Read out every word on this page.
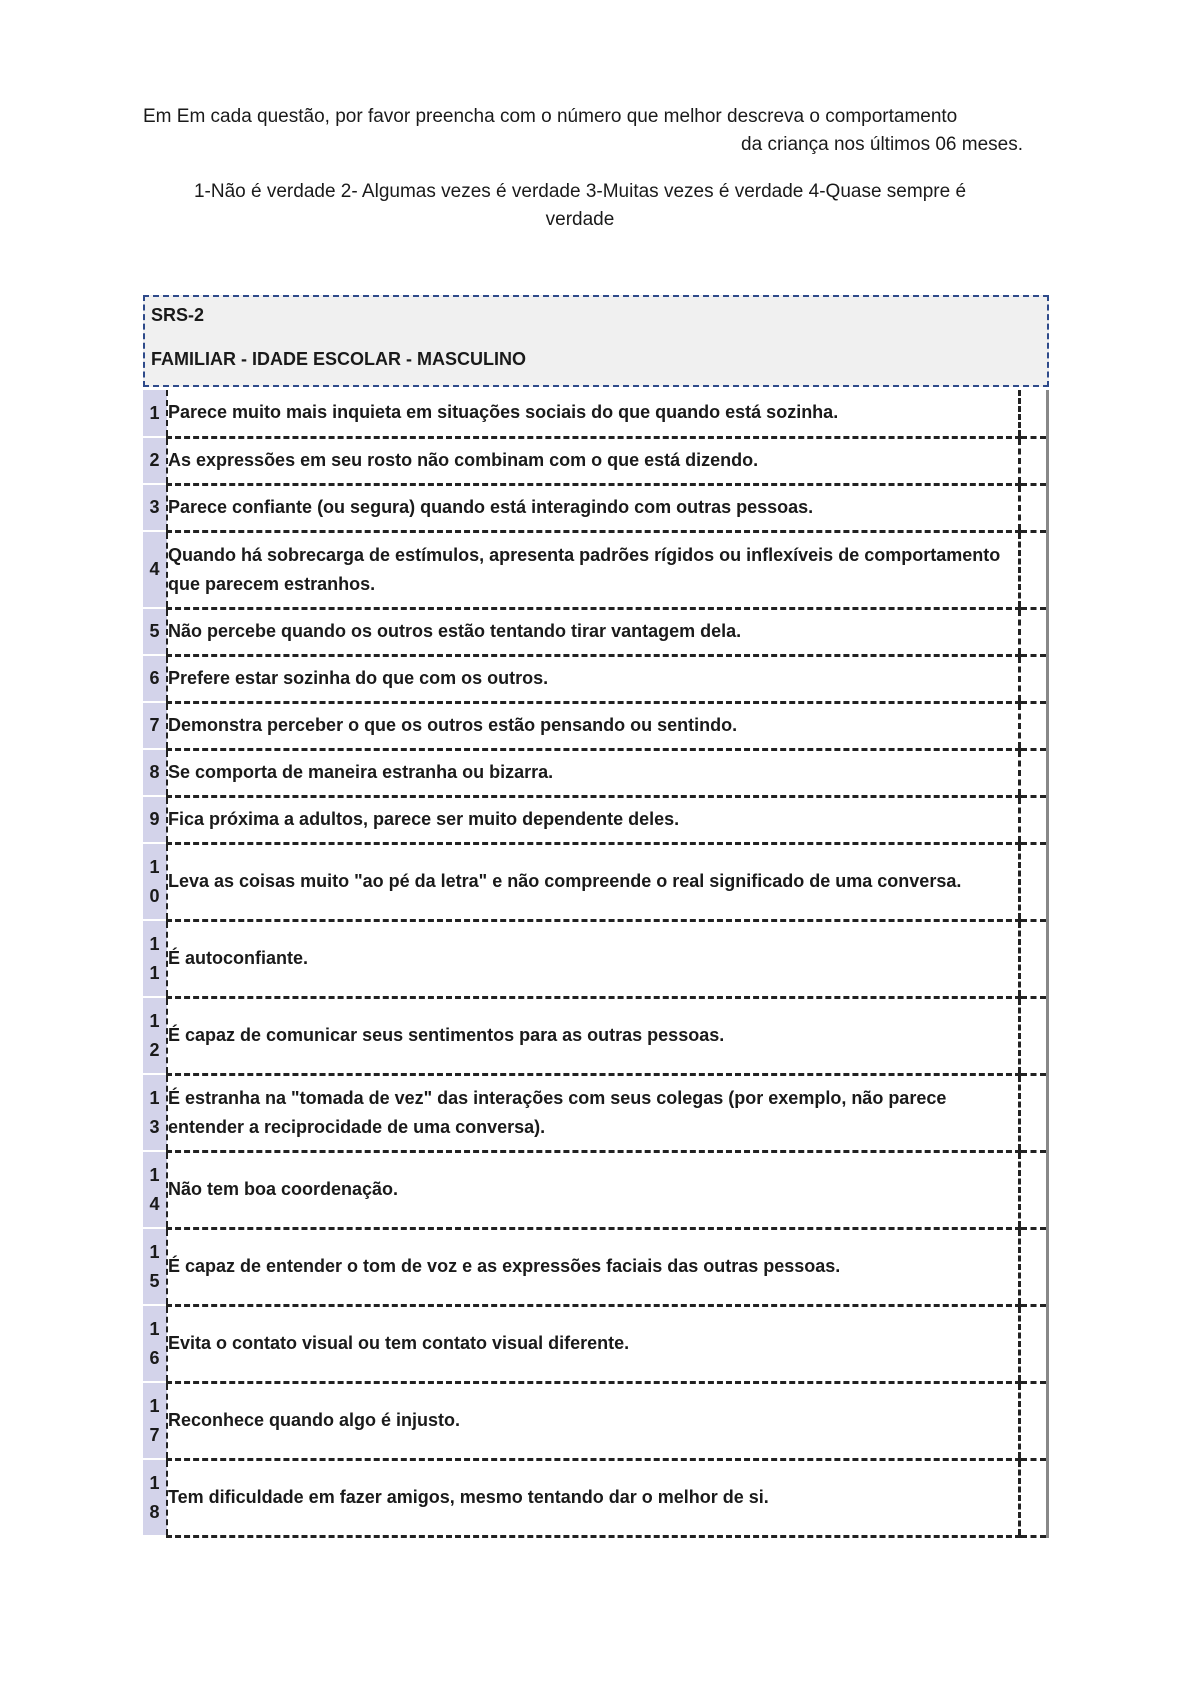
Em Em cada questão, por favor preencha com o número que melhor descreva o comportamento
da criança nos últimos 06 meses.
1-Não é verdade 2- Algumas vezes é verdade 3-Muitas vezes é verdade 4-Quase sempre é
verdade
SRS-2
FAMILIAR - IDADE ESCOLAR - MASCULINO
1	Parece muito mais inquieta em situações sociais do que quando está sozinha.	
2	As expressões em seu rosto não combinam com o que está dizendo.	
3	Parece confiante (ou segura) quando está interagindo com outras pessoas.	
4	Quando há sobrecarga de estímulos, apresenta padrões rígidos ou inflexíveis de comportamento que parecem estranhos.	
5	Não percebe quando os outros estão tentando tirar vantagem dela.	
6	Prefere estar sozinha do que com os outros.	
7	Demonstra perceber o que os outros estão pensando ou sentindo.	
8	Se comporta de maneira estranha ou bizarra.	
9	Fica próxima a adultos, parece ser muito dependente deles.	
10	Leva as coisas muito "ao pé da letra" e não compreende o real significado de uma conversa.	
11	É autoconfiante.	
12	É capaz de comunicar seus sentimentos para as outras pessoas.	
13	É estranha na "tomada de vez" das interações com seus colegas (por exemplo, não parece entender a reciprocidade de uma conversa).	
14	Não tem boa coordenação.	
15	É capaz de entender o tom de voz e as expressões faciais das outras pessoas.	
16	Evita o contato visual ou tem contato visual diferente.	
17	Reconhece quando algo é injusto.	
18	Tem dificuldade em fazer amigos, mesmo tentando dar o melhor de si.	
